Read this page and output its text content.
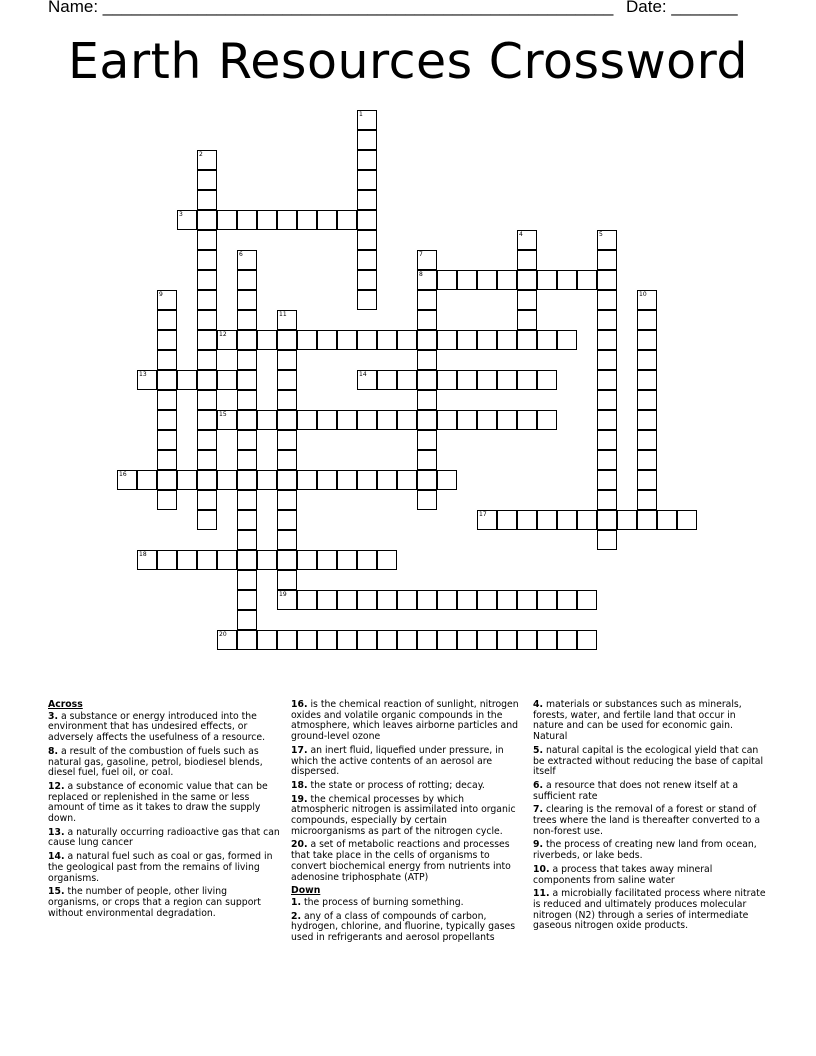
Name: ______________________________________________________ Date: _______
Earth Resources Crossword
1
2
3
4	5
6	7
8
9	10
11
19
12
13	14
15
16
17
18
20
Across
3. a substance or energy introduced into the environment that has undesired effects, or adversely affects the usefulness of a resource.
8. a result of the combustion of fuels such as natural gas, gasoline, petrol, biodiesel blends, diesel fuel, fuel oil, or coal.
12. a substance of economic value that can be replaced or replenished in the same or less amount of time as it takes to draw the supply down.
13. a naturally occurring radioactive gas that can cause lung cancer
14. a natural fuel such as coal or gas, formed in the geological past from the remains of living organisms.
15. the number of people, other living organisms, or crops that a region can support without environmental degradation.
16. is the chemical reaction of sunlight, nitrogen oxides and volatile organic compounds in the atmosphere, which leaves airborne particles and ground-level ozone
17. an inert fluid, liquefied under pressure, in which the active contents of an aerosol are dispersed.
18. the state or process of rotting; decay.
19. the chemical processes by which atmospheric nitrogen is assimilated into organic compounds, especially by certain microorganisms as part of the nitrogen cycle.
20. a set of metabolic reactions and processes that take place in the cells of organisms to convert biochemical energy from nutrients into adenosine triphosphate (ATP)
Down
1. the process of burning something.
2. any of a class of compounds of carbon, hydrogen, chlorine, and fluorine, typically gases used in refrigerants and aerosol propellants
4. materials or substances such as minerals, forests, water, and fertile land that occur in nature and can be used for economic gain. Natural
5. natural capital is the ecological yield that can be extracted without reducing the base of capital itself
6. a resource that does not renew itself at a sufficient rate
7. clearing is the removal of a forest or stand of trees where the land is thereafter converted to a non-forest use.
9. the process of creating new land from ocean, riverbeds, or lake beds.
10. a process that takes away mineral components from saline water
11. a microbially facilitated process where nitrate is reduced and ultimately produces molecular nitrogen (N2) through a series of intermediate gaseous nitrogen oxide products.
